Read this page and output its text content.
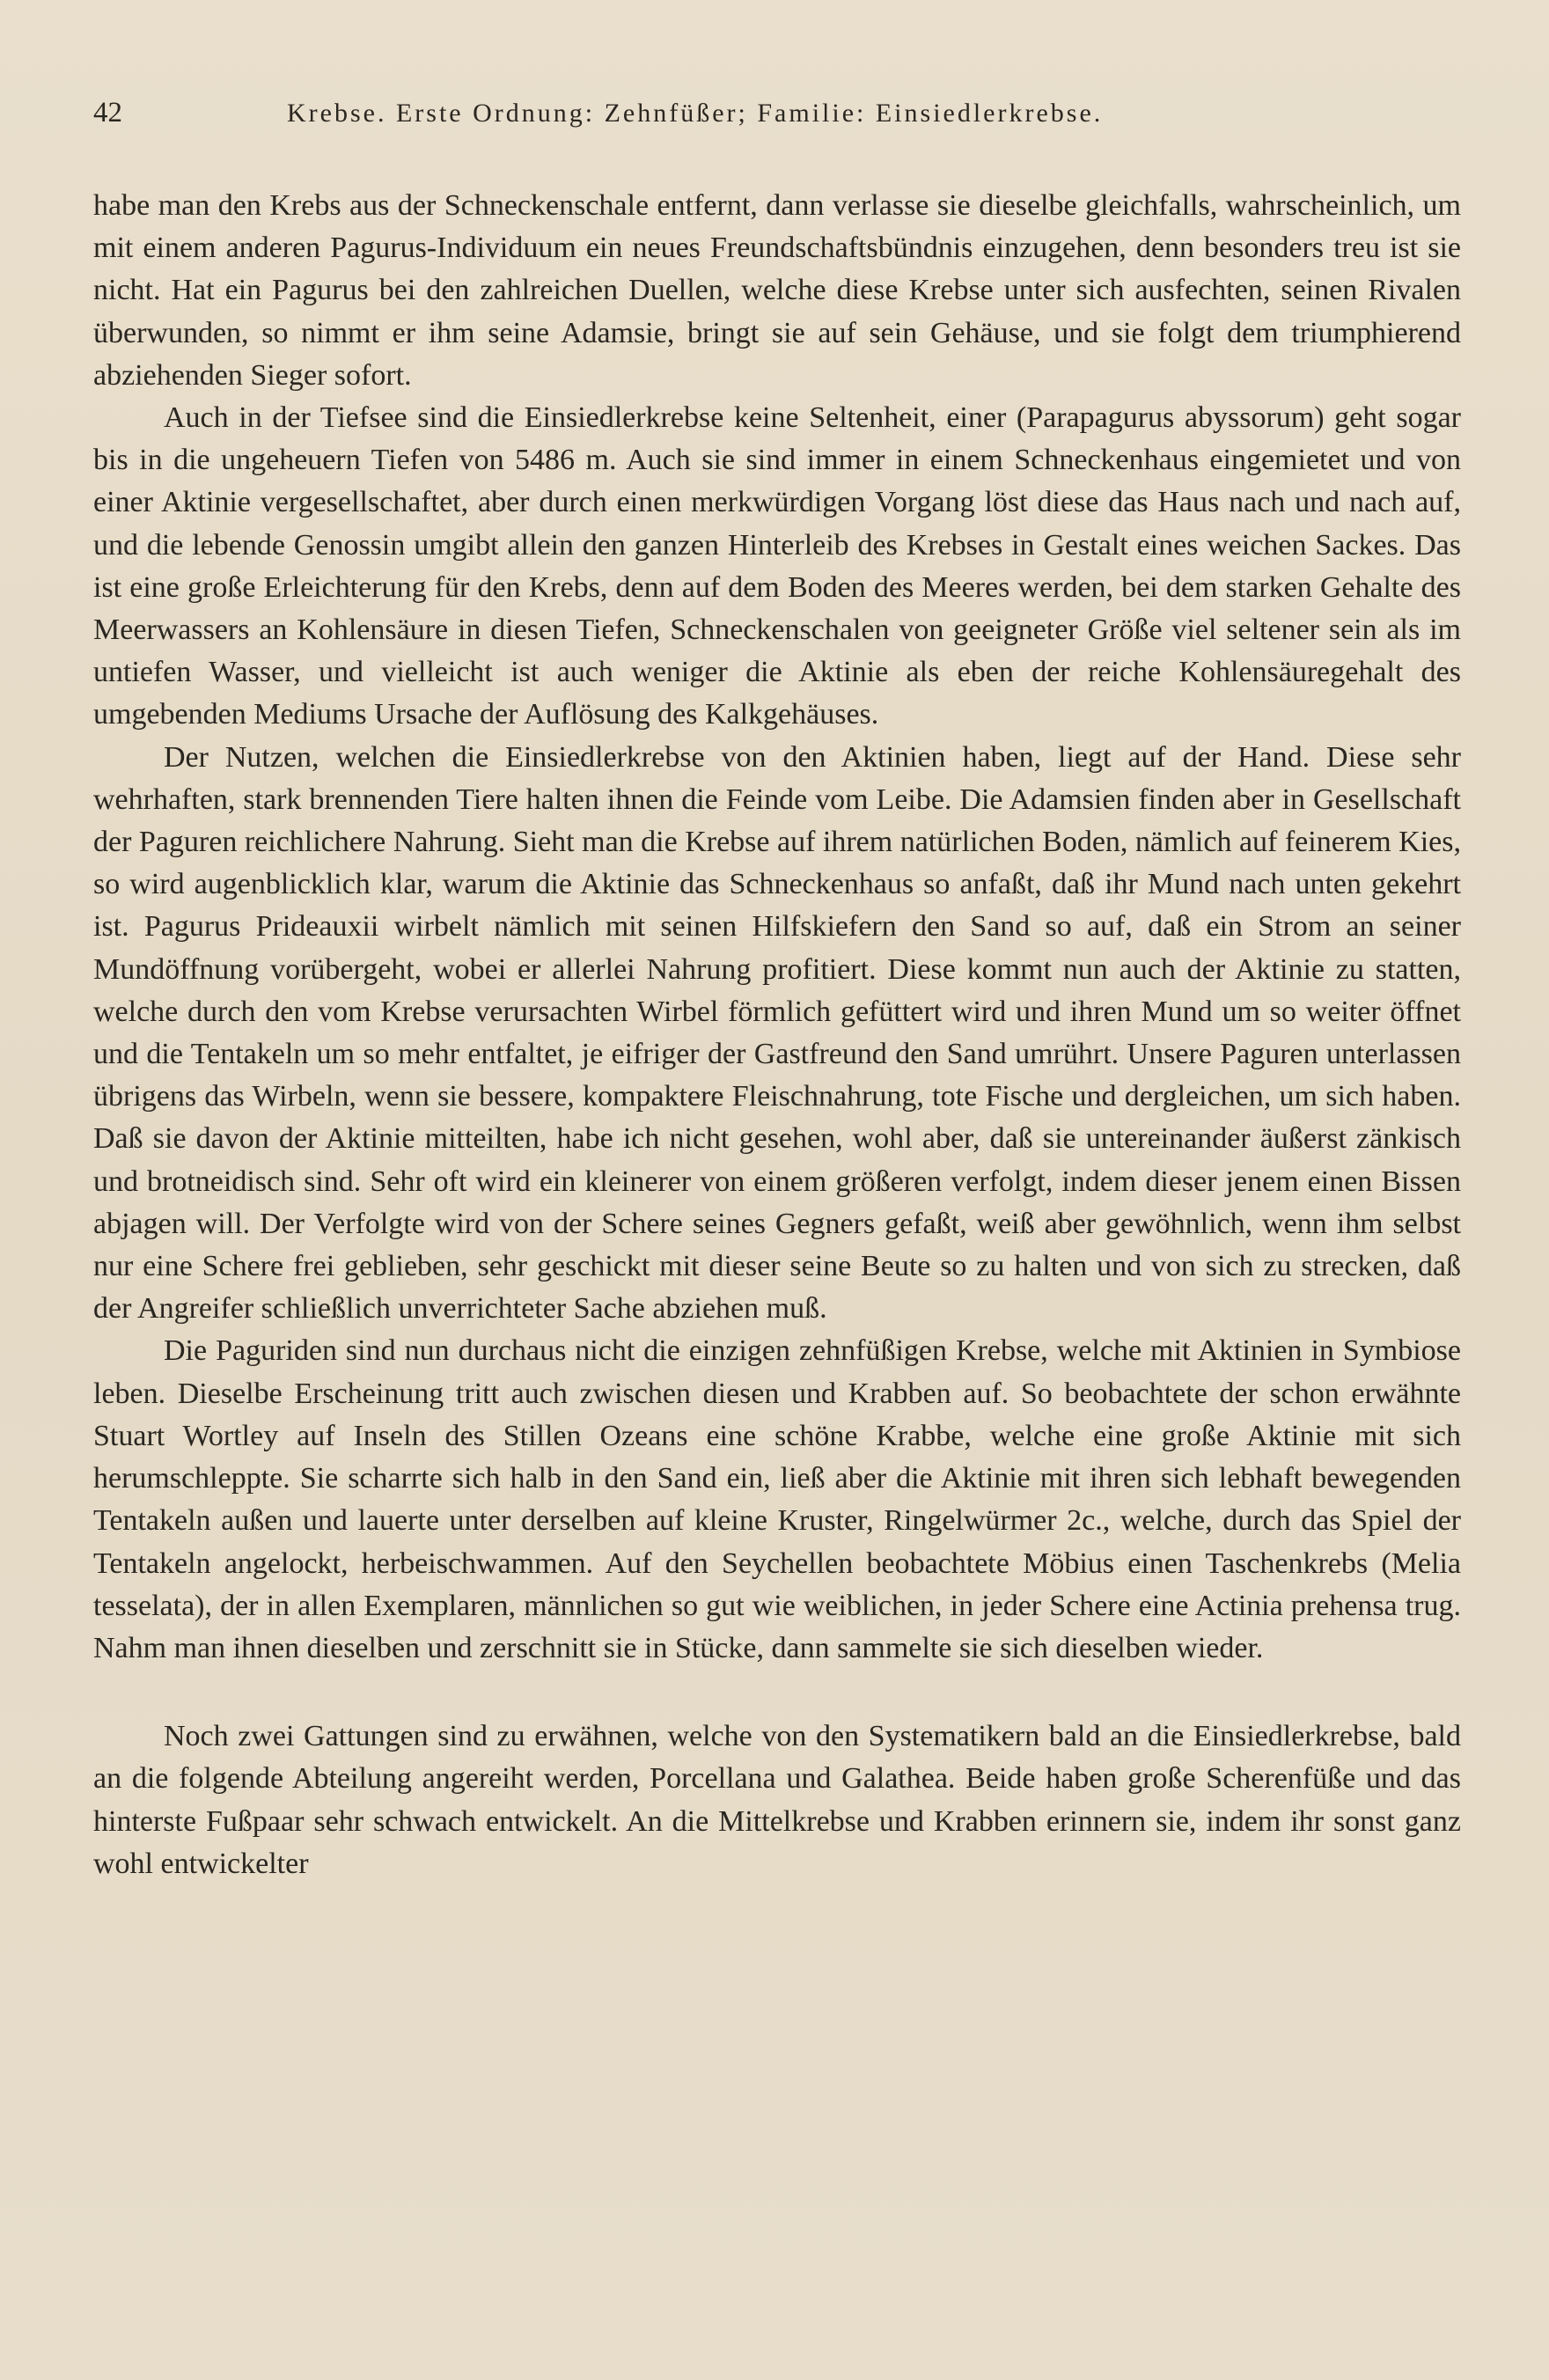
42	Krebse. Erste Ordnung: Zehnfüßer; Familie: Einsiedlerkrebse.

habe man den Krebs aus der Schneckenschale entfernt, dann verlasse sie dieselbe gleichfalls, wahrscheinlich, um mit einem anderen Pagurus-Individuum ein neues Freundschaftsbündnis einzugehen, denn besonders treu ist sie nicht. Hat ein Pagurus bei den zahlreichen Duellen, welche diese Krebse unter sich ausfechten, seinen Rivalen überwunden, so nimmt er ihm seine Adamsie, bringt sie auf sein Gehäuse, und sie folgt dem triumphierend abziehenden Sieger sofort.

Auch in der Tiefsee sind die Einsiedlerkrebse keine Seltenheit, einer (Parapagurus abyssorum) geht sogar bis in die ungeheuern Tiefen von 5486 m. Auch sie sind immer in einem Schneckenhaus eingemietet und von einer Aktinie vergesellschaftet, aber durch einen merkwürdigen Vorgang löst diese das Haus nach und nach auf, und die lebende Genossin umgibt allein den ganzen Hinterleib des Krebses in Gestalt eines weichen Sackes. Das ist eine große Erleichterung für den Krebs, denn auf dem Boden des Meeres werden, bei dem starken Gehalte des Meerwassers an Kohlensäure in diesen Tiefen, Schneckenschalen von geeigneter Größe viel seltener sein als im untiefen Wasser, und vielleicht ist auch weniger die Aktinie als eben der reiche Kohlensäuregehalt des umgebenden Mediums Ursache der Auflösung des Kalkgehäuses.

Der Nutzen, welchen die Einsiedlerkrebse von den Aktinien haben, liegt auf der Hand. Diese sehr wehrhaften, stark brennenden Tiere halten ihnen die Feinde vom Leibe. Die Adamsien finden aber in Gesellschaft der Paguren reichlichere Nahrung. Sieht man die Krebse auf ihrem natürlichen Boden, nämlich auf feinerem Kies, so wird augenblicklich klar, warum die Aktinie das Schneckenhaus so anfaßt, daß ihr Mund nach unten gekehrt ist. Pagurus Prideauxii wirbelt nämlich mit seinen Hilfskiefern den Sand so auf, daß ein Strom an seiner Mundöffnung vorübergeht, wobei er allerlei Nahrung profitiert. Diese kommt nun auch der Aktinie zu statten, welche durch den vom Krebse verursachten Wirbel förmlich gefüttert wird und ihren Mund um so weiter öffnet und die Tentakeln um so mehr entfaltet, je eifriger der Gastfreund den Sand umrührt. Unsere Paguren unterlassen übrigens das Wirbeln, wenn sie bessere, kompaktere Fleischnahrung, tote Fische und dergleichen, um sich haben. Daß sie davon der Aktinie mitteilten, habe ich nicht gesehen, wohl aber, daß sie untereinander äußerst zänkisch und brotneidisch sind. Sehr oft wird ein kleinerer von einem größeren verfolgt, indem dieser jenem einen Bissen abjagen will. Der Verfolgte wird von der Schere seines Gegners gefaßt, weiß aber gewöhnlich, wenn ihm selbst nur eine Schere frei geblieben, sehr geschickt mit dieser seine Beute so zu halten und von sich zu strecken, daß der Angreifer schließlich unverrichteter Sache abziehen muß.

Die Paguriden sind nun durchaus nicht die einzigen zehnfüßigen Krebse, welche mit Aktinien in Symbiose leben. Dieselbe Erscheinung tritt auch zwischen diesen und Krabben auf. So beobachtete der schon erwähnte Stuart Wortley auf Inseln des Stillen Ozeans eine schöne Krabbe, welche eine große Aktinie mit sich herumschleppte. Sie scharrte sich halb in den Sand ein, ließ aber die Aktinie mit ihren sich lebhaft bewegenden Tentakeln außen und lauerte unter derselben auf kleine Kruster, Ringelwürmer 2c., welche, durch das Spiel der Tentakeln angelockt, herbeischwammen. Auf den Seychellen beobachtete Möbius einen Taschenkrebs (Melia tesselata), der in allen Exemplaren, männlichen so gut wie weiblichen, in jeder Schere eine Actinia prehensa trug. Nahm man ihnen dieselben und zerschnitt sie in Stücke, dann sammelte sie sich dieselben wieder.

Noch zwei Gattungen sind zu erwähnen, welche von den Systematikern bald an die Einsiedlerkrebse, bald an die folgende Abteilung angereiht werden, Porcellana und Galathea. Beide haben große Scherenfüße und das hinterste Fußpaar sehr schwach entwickelt. An die Mittelkrebse und Krabben erinnern sie, indem ihr sonst ganz wohl entwickelter
